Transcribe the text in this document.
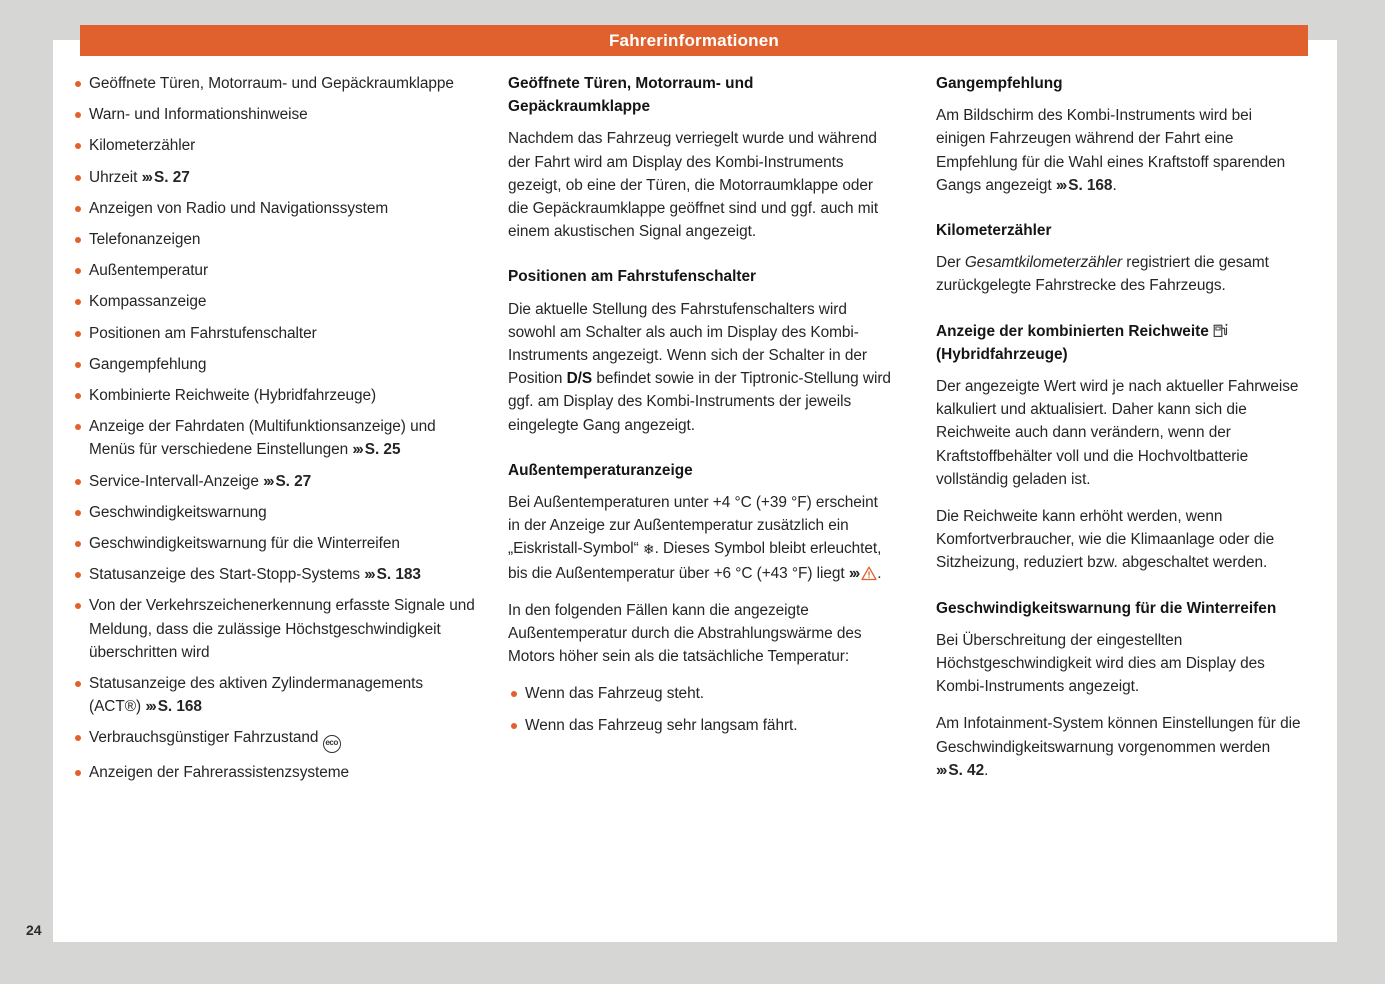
Fahrerinformationen
24
Geöffnete Türen, Motorraum- und Gepäckraumklappe
Warn- und Informationshinweise
Kilometerzähler
Uhrzeit ››› S. 27
Anzeigen von Radio und Navigationssystem
Telefonanzeigen
Außentemperatur
Kompassanzeige
Positionen am Fahrstufenschalter
Gangempfehlung
Kombinierte Reichweite (Hybridfahrzeuge)
Anzeige der Fahrdaten (Multifunktionsanzeige) und Menüs für verschiedene Einstellungen ››› S. 25
Service-Intervall-Anzeige ››› S. 27
Geschwindigkeitswarnung
Geschwindigkeitswarnung für die Winterreifen
Statusanzeige des Start-Stopp-Systems ››› S. 183
Von der Verkehrszeichenerkennung erfasste Signale und Meldung, dass die zulässige Höchstgeschwindigkeit überschritten wird
Statusanzeige des aktiven Zylindermanagements (ACT®) ››› S. 168
Verbrauchsgünstiger Fahrzustand eco
Anzeigen der Fahrerassistenzsysteme
Geöffnete Türen, Motorraum- und Gepäckraumklappe

Nachdem das Fahrzeug verriegelt wurde und während der Fahrt wird am Display des Kombi-Instruments gezeigt, ob eine der Türen, die Motorraumklappe oder die Gepäckraumklappe geöffnet sind und ggf. auch mit einem akustischen Signal angezeigt.

Positionen am Fahrstufenschalter

Die aktuelle Stellung des Fahrstufenschalters wird sowohl am Schalter als auch im Display des Kombi-Instruments angezeigt. Wenn sich der Schalter in der Position D/S befindet sowie in der Tiptronic-Stellung wird ggf. am Display des Kombi-Instruments der jeweils eingelegte Gang angezeigt.

Außentemperaturanzeige

Bei Außentemperaturen unter +4 °C (+39 °F) erscheint in der Anzeige zur Außentemperatur zusätzlich ein „Eiskristall-Symbol“ ❄. Dieses Symbol bleibt erleuchtet, bis die Außentemperatur über +6 °C (+43 °F) liegt ››› .

In den folgenden Fällen kann die angezeigte Außentemperatur durch die Abstrahlungswärme des Motors höher sein als die tatsächliche Temperatur:

Wenn das Fahrzeug steht.
Wenn das Fahrzeug sehr langsam fährt.
Gangempfehlung

Am Bildschirm des Kombi-Instruments wird bei einigen Fahrzeugen während der Fahrt eine Empfehlung für die Wahl eines Kraftstoff sparenden Gangs angezeigt ››› S. 168.

Kilometerzähler

Der Gesamtkilometerzähler registriert die gesamt zurückgelegte Fahrstrecke des Fahrzeugs.

Anzeige der kombinierten Reichweite
(Hybridfahrzeuge)

Der angezeigte Wert wird je nach aktueller Fahrweise kalkuliert und aktualisiert. Daher kann sich die Reichweite auch dann verändern, wenn der Kraftstoffbehälter voll und die Hochvoltbatterie vollständig geladen ist.

Die Reichweite kann erhöht werden, wenn Komfortverbraucher, wie die Klimaanlage oder die Sitzheizung, reduziert bzw. abgeschaltet werden.

Geschwindigkeitswarnung für die Winterreifen

Bei Überschreitung der eingestellten Höchstgeschwindigkeit wird dies am Display des Kombi-Instruments angezeigt.

Am Infotainment-System können Einstellungen für die Geschwindigkeitswarnung vorgenommen werden ››› S. 42.
